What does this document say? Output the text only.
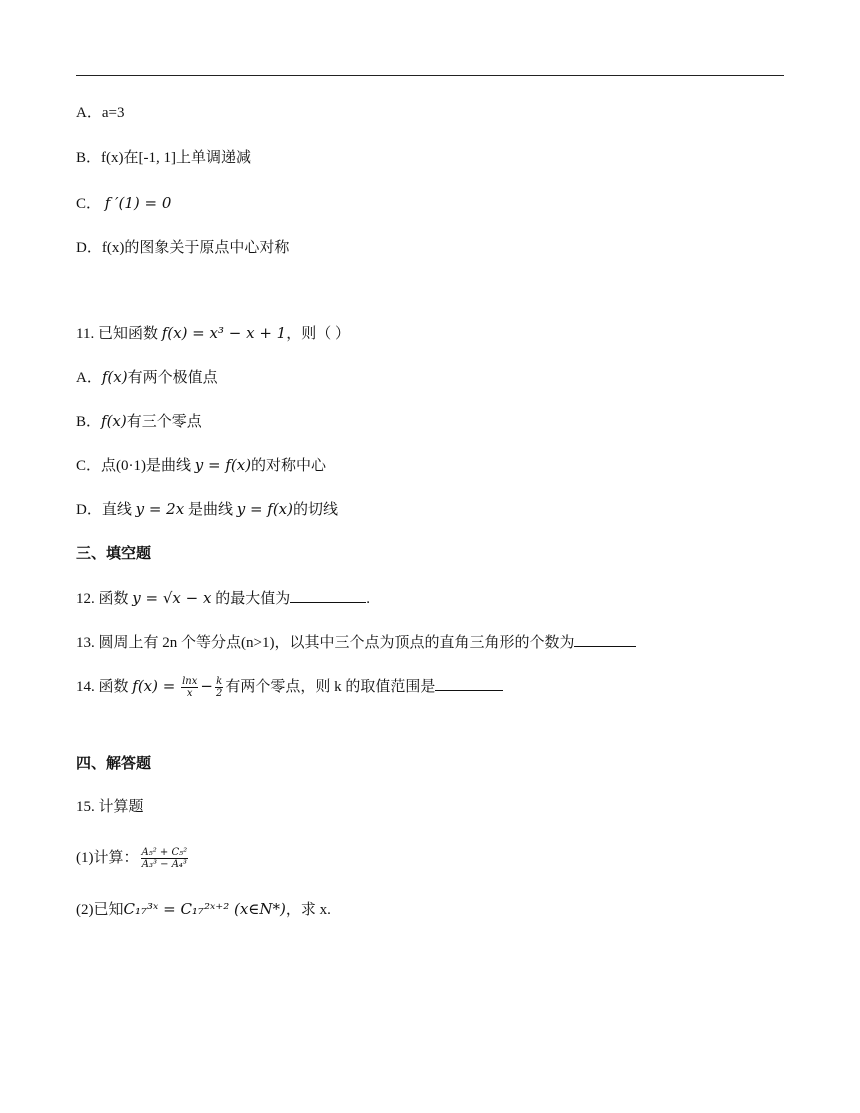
A．a=3
B．f(x)在[-1, 1]上单调递减
C． f ′(1) = 0
D．f(x)的图象关于原点中心对称
11. 已知函数 f(x) = x³ − x + 1，则（ ）
A．f(x)有两个极值点
B．f(x)有三个零点
C．点(0·1)是曲线 y = f(x)的对称中心
D．直线 y = 2x 是曲线 y = f(x)的切线
三、填空题
12. 函数 y = √x − x 的最大值为	.
13. 圆周上有 2n 个等分点(n>1)，以其中三个点为顶点的直角三角形的个数为
14. 函数 $f(x) = \frac{\ln x}{x} - \frac{k}{2}$ 有两个零点，则 k 的取值范围是
四、解答题
15. 计算题
(1)计算： $\frac{\text{A₅² + C₅²}}{\text{A₃³ − A₄³}}$
(2)已知C₁₇³ˣ = C₁₇²ˣ⁺² (x∈N*)，求 x.
